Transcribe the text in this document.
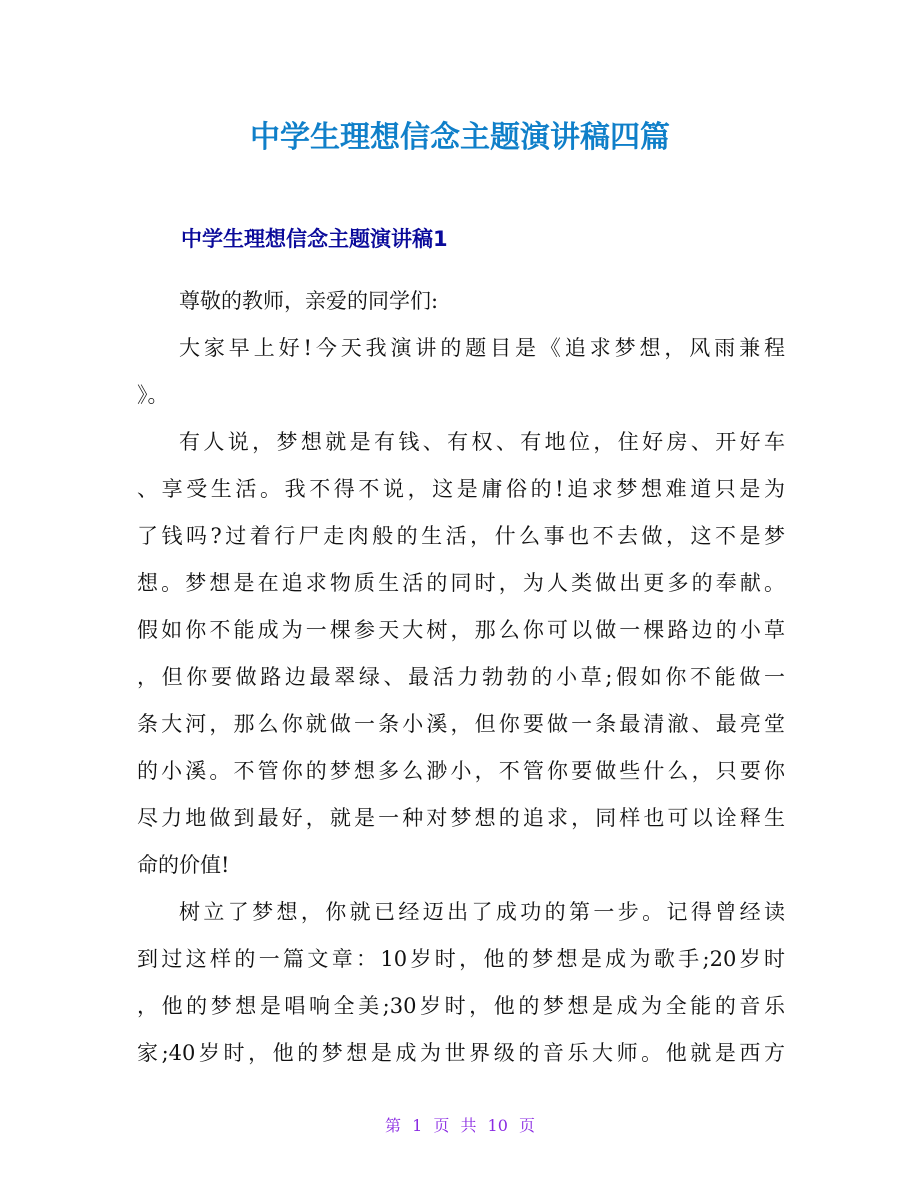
中学生理想信念主题演讲稿四篇
中学生理想信念主题演讲稿1
尊敬的教师，亲爱的同学们:
大家早上好!今天我演讲的题目是《追求梦想，风雨兼程
》。
有人说，梦想就是有钱、有权、有地位，住好房、开好车
、享受生活。我不得不说，这是庸俗的!追求梦想难道只是为
了钱吗?过着行尸走肉般的生活，什么事也不去做，这不是梦
想。梦想是在追求物质生活的同时，为人类做出更多的奉献。
假如你不能成为一棵参天大树，那么你可以做一棵路边的小草
，但你要做路边最翠绿、最活力勃勃的小草;假如你不能做一
条大河，那么你就做一条小溪，但你要做一条最清澈、最亮堂
的小溪。不管你的梦想多么渺小，不管你要做些什么，只要你
尽力地做到最好，就是一种对梦想的追求，同样也可以诠释生
命的价值!
树立了梦想，你就已经迈出了成功的第一步。记得曾经读
到过这样的一篇文章：10岁时，他的梦想是成为歌手;20岁时
，他的梦想是唱响全美;30岁时，他的梦想是成为全能的音乐
家;40岁时，他的梦想是成为世界级的音乐大师。他就是西方
第 1 页 共 10 页
